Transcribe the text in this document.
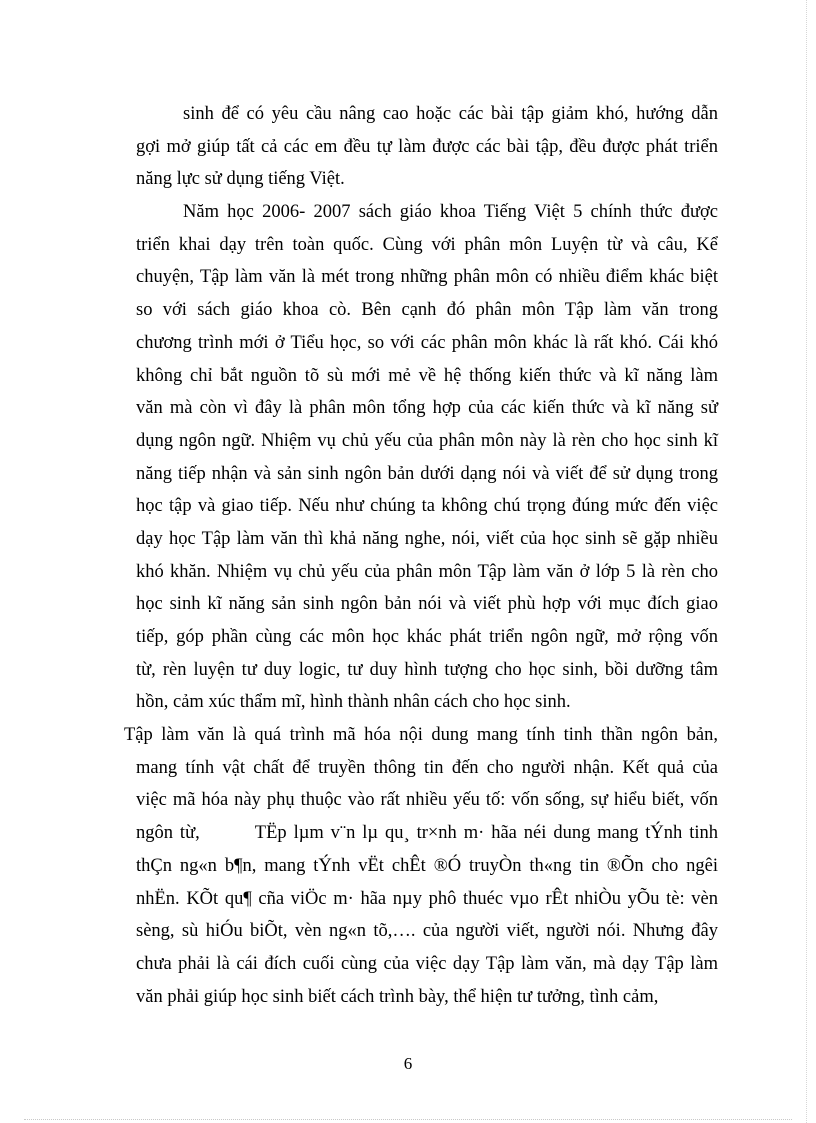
sinh để có yêu cầu nâng cao hoặc các bài tập giảm khó, hướng dẫn
gợi mở giúp tất cả các em đều tự làm được các bài tập, đều được phát triển
năng lực sử dụng tiếng Việt.
Năm học 2006- 2007 sách giáo khoa Tiếng Việt 5 chính thức được
triển khai dạy trên toàn quốc. Cùng với phân môn Luyện từ và câu, Kể
chuyện, Tập làm văn là mét trong những phân môn có nhiều điểm khác biệt
so với sách giáo khoa cò. Bên cạnh đó phân môn Tập làm văn trong
chương trình mới ở Tiểu học, so với các phân môn khác là rất khó. Cái khó
không chỉ bắt nguồn tõ sù mới mẻ về hệ thống kiến thức và kĩ năng làm
văn mà còn vì đây là phân môn tổng hợp của các kiến thức và kĩ năng sử
dụng ngôn ngữ. Nhiệm vụ chủ yếu của phân môn này là rèn cho học sinh kĩ
năng tiếp nhận và sản sinh ngôn bản dưới dạng nói và viết để sử dụng trong
học tập và giao tiếp. Nếu như chúng ta không chú trọng đúng mức đến việc
dạy học Tập làm văn thì khả năng nghe, nói, viết của học sinh sẽ gặp nhiều
khó khăn. Nhiệm vụ chủ yếu của phân môn Tập làm văn ở lớp 5 là rèn cho
học sinh kĩ năng sản sinh ngôn bản nói và viết phù hợp với mục đích giao
tiếp, góp phần cùng các môn học khác phát triển ngôn ngữ, mở rộng vốn
từ, rèn luyện tư duy logic, tư duy hình tượng cho học sinh, bồi dưỡng tâm
hồn, cảm xúc thẩm mĩ, hình thành nhân cách cho học sinh.
Tập làm văn là quá trình mã hóa nội dung mang tính tinh thần ngôn bản,
mang tính vật chất để truyền thông tin đến cho người nhận. Kết quả của
việc mã hóa này phụ thuộc vào rất nhiều yếu tố: vốn sống, sự hiểu biết, vốn
ngôn từ,        TËp lµm v¨n lµ qu¸ tr×nh m· hãa néi dung mang tÝnh tinh
thÇn ng«n b¶n, mang tÝnh vËt chÊt ®Ó truyÒn th«ng tin ®Õn cho ngêi
nhËn. KÕt qu¶ cña viÖc m· hãa nµy phô thuéc vµo rÊt nhiÒu yÕu tè: vèn
sèng, sù hiÓu biÕt, vèn ng«n tõ,…. của người viết, người nói. Nhưng đây
chưa phải là cái đích cuối cùng của việc dạy Tập làm văn, mà dạy Tập làm
văn phải giúp học sinh biết cách trình bày, thể hiện tư tưởng, tình cảm,
6
